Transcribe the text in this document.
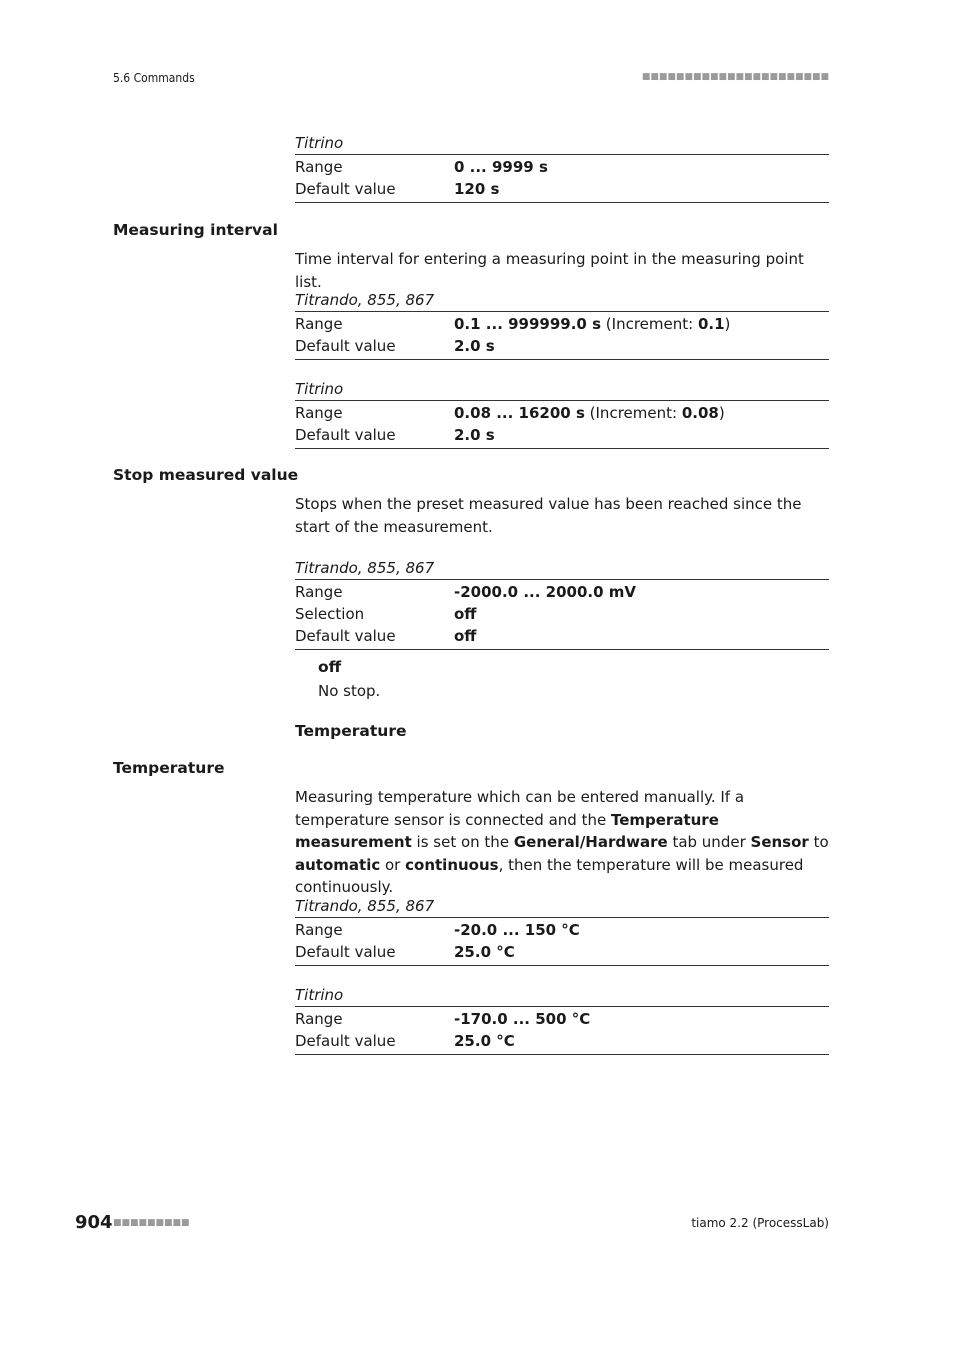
5.6 Commands	■■■■■■■■■■■■■■■■■■■■■■
Titrino
Range	0 ... 9999 s
Default value	120 s
Measuring interval
Time interval for entering a measuring point in the measuring point list.
Titrando, 855, 867
Range	0.1 ... 999999.0 s (Increment: 0.1)
Default value	2.0 s
Titrino
Range	0.08 ... 16200 s (Increment: 0.08)
Default value	2.0 s
Stop measured value
Stops when the preset measured value has been reached since the start of the measurement.
Titrando, 855, 867
Range	-2000.0 ... 2000.0 mV
Selection	off
Default value	off
off
No stop.
Temperature
Temperature
Measuring temperature which can be entered manually. If a temperature sensor is connected and the Temperature measurement is set on the General/Hardware tab under Sensor to automatic or continuous, then the temperature will be measured continuously.
Titrando, 855, 867
Range	-20.0 ... 150 °C
Default value	25.0 °C
Titrino
Range	-170.0 ... 500 °C
Default value	25.0 °C
904 ■■■■■■■■■	tiamo 2.2 (ProcessLab)
